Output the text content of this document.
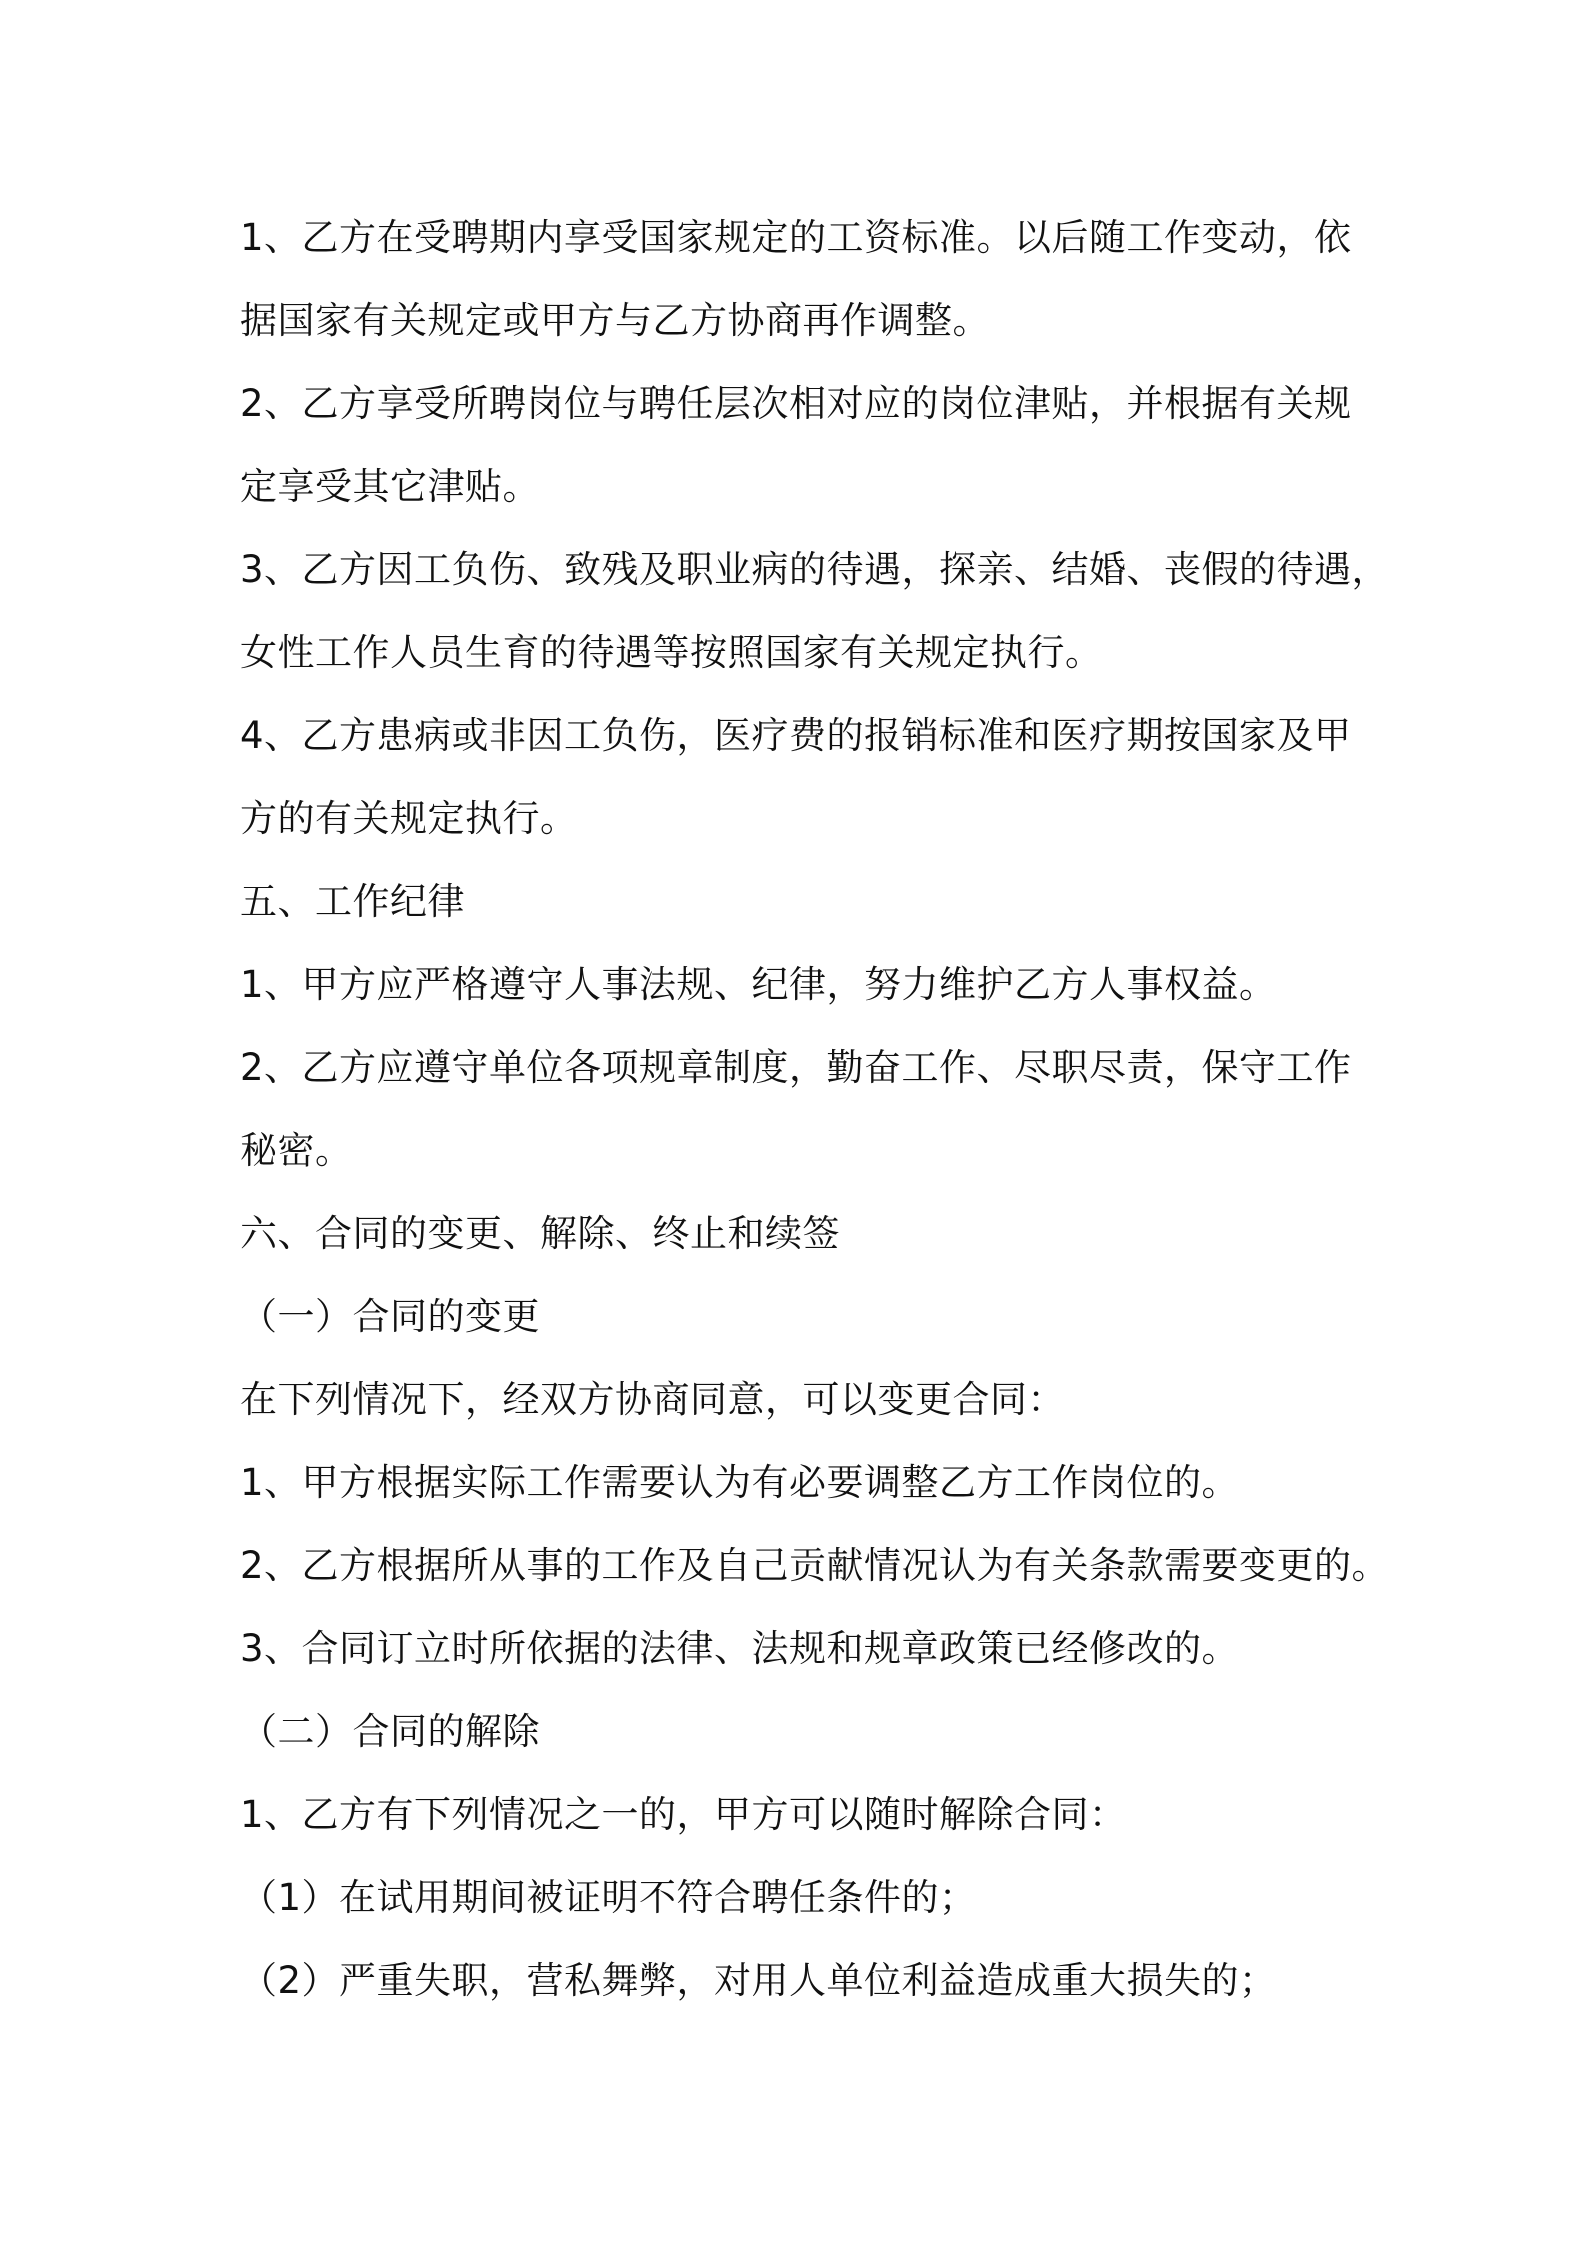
1、乙方在受聘期内享受国家规定的工资标准。以后随工作变动，依
据国家有关规定或甲方与乙方协商再作调整。
2、乙方享受所聘岗位与聘任层次相对应的岗位津贴，并根据有关规
定享受其它津贴。
3、乙方因工负伤、致残及职业病的待遇，探亲、结婚、丧假的待遇，
女性工作人员生育的待遇等按照国家有关规定执行。
4、乙方患病或非因工负伤，医疗费的报销标准和医疗期按国家及甲
方的有关规定执行。
五、工作纪律
1、甲方应严格遵守人事法规、纪律，努力维护乙方人事权益。
2、乙方应遵守单位各项规章制度，勤奋工作、尽职尽责，保守工作
秘密。
六、合同的变更、解除、终止和续签
（一）合同的变更
在下列情况下，经双方协商同意，可以变更合同：
1、甲方根据实际工作需要认为有必要调整乙方工作岗位的。
2、乙方根据所从事的工作及自己贡献情况认为有关条款需要变更的。
3、合同订立时所依据的法律、法规和规章政策已经修改的。
（二）合同的解除
1、乙方有下列情况之一的，甲方可以随时解除合同：
（1）在试用期间被证明不符合聘任条件的；
（2）严重失职，营私舞弊，对用人单位利益造成重大损失的；
